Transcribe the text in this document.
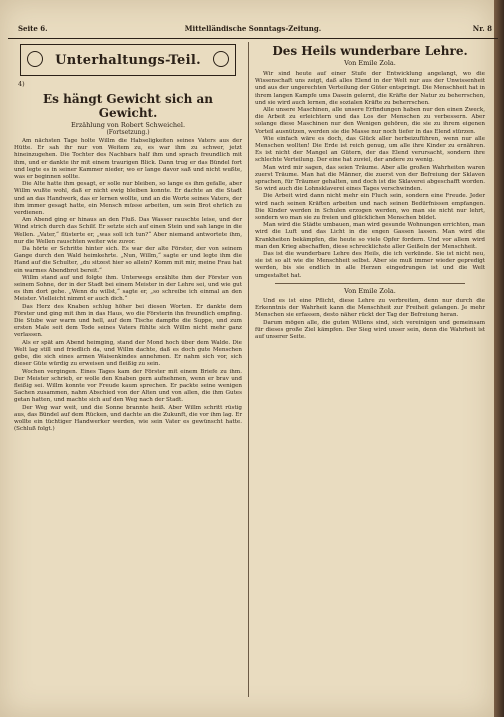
Seite 6.	Mittelländische Sonntags-Zeitung.	Nr. 8
Unterhaltungs-Teil.
4)
Es hängt Gewicht sich an Gewicht.
Erzählung von Robert Schweichel.
(Fortsetzung.)

Am nächsten Tage holte Willm die Habseligkeiten seines Vaters aus der Hütte. Er sah ihr nur von Weitem zu, es war ihm zu schwer, jetzt hineinzugehen. Die Tochter des Nachbars half ihm und sprach freundlich mit ihm, und er dankte ihr mit einem traurigen Blick. Dann trug er das Bündel fort und legte es in seiner Kammer nieder, wo er lange davor saß und nicht wußte, was er beginnen sollte.

Die Alte hatte ihm gesagt, er solle nur bleiben, so lange es ihm gefalle, aber Willm wußte wohl, daß er nicht ewig bleiben konnte. Er dachte an die Stadt und an das Handwerk, das er lernen wollte, und an die Worte seines Vaters, der ihm immer gesagt hatte, ein Mensch müsse arbeiten, um sein Brot ehrlich zu verdienen.

Am Abend ging er hinaus an den Fluß. Das Wasser rauschte leise, und der Wind strich durch das Schilf. Er setzte sich auf einen Stein und sah lange in die Wellen. „Vater,“ flüsterte er, „was soll ich tun?“ Aber niemand antwortete ihm, nur die Wellen rauschten weiter wie zuvor.

Da hörte er Schritte hinter sich. Es war der alte Förster, der von seinem Gange durch den Wald heimkehrte. „Nun, Willm,“ sagte er und legte ihm die Hand auf die Schulter, „du sitzest hier so allein? Komm mit mir, meine Frau hat ein warmes Abendbrot bereit.“

Willm stand auf und folgte ihm. Unterwegs erzählte ihm der Förster von seinem Sohne, der in der Stadt bei einem Meister in der Lehre sei, und wie gut es ihm dort gehe. „Wenn du willst,“ sagte er, „so schreibe ich einmal an den Meister. Vielleicht nimmt er auch dich.“

Das Herz des Knaben schlug höher bei diesen Worten. Er dankte dem Förster und ging mit ihm in das Haus, wo die Försterin ihn freundlich empfing. Die Stube war warm und hell, auf dem Tische dampfte die Suppe, und zum ersten Male seit dem Tode seines Vaters fühlte sich Willm nicht mehr ganz verlassen.

Als er spät am Abend heimging, stand der Mond hoch über dem Walde. Die Welt lag still und friedlich da, und Willm dachte, daß es doch gute Menschen gebe, die sich eines armen Waisenkindes annehmen. Er nahm sich vor, sich dieser Güte würdig zu erweisen und fleißig zu sein.

Wochen vergingen. Eines Tages kam der Förster mit einem Briefe zu ihm. Der Meister schrieb, er wolle den Knaben gern aufnehmen, wenn er brav und fleißig sei. Willm konnte vor Freude kaum sprechen. Er packte seine wenigen Sachen zusammen, nahm Abschied von der Alten und von allen, die ihm Gutes getan hatten, und machte sich auf den Weg nach der Stadt.

Der Weg war weit, und die Sonne brannte heiß. Aber Willm schritt rüstig aus, das Bündel auf dem Rücken, und dachte an die Zukunft, die vor ihm lag. Er wollte ein tüchtiger Handwerker werden, wie sein Vater es gewünscht hatte. (Schluß folgt.)

Des Heils wunderbare Lehre.
Von Emile Zola.

Wir sind heute auf einer Stufe der Entwicklung angelangt, wo die Wissenschaft uns zeigt, daß alles Elend in der Welt nur aus der Unwissenheit und aus der ungerechten Verteilung der Güter entspringt. Die Menschheit hat in ihrem langen Kampfe ums Dasein gelernt, die Kräfte der Natur zu beherrschen, und sie wird auch lernen, die sozialen Kräfte zu beherrschen.

Alle unsere Maschinen, alle unsere Erfindungen haben nur den einen Zweck, die Arbeit zu erleichtern und das Los der Menschen zu verbessern. Aber solange diese Maschinen nur den Wenigen gehören, die sie zu ihrem eigenen Vorteil ausnützen, werden sie die Masse nur noch tiefer in das Elend stürzen.

Wie einfach wäre es doch, das Glück aller herbeizuführen, wenn nur alle Menschen wollten! Die Erde ist reich genug, um alle ihre Kinder zu ernähren. Es ist nicht der Mangel an Gütern, der das Elend verursacht, sondern ihre schlechte Verteilung. Der eine hat zuviel, der andere zu wenig.

Man wird mir sagen, das seien Träume. Aber alle großen Wahrheiten waren zuerst Träume. Man hat die Männer, die zuerst von der Befreiung der Sklaven sprachen, für Träumer gehalten, und doch ist die Sklaverei abgeschafft worden. So wird auch die Lohnsklaverei eines Tages verschwinden.

Die Arbeit wird dann nicht mehr ein Fluch sein, sondern eine Freude. Jeder wird nach seinen Kräften arbeiten und nach seinen Bedürfnissen empfangen. Die Kinder werden in Schulen erzogen werden, wo man sie nicht nur lehrt, sondern wo man sie zu freien und glücklichen Menschen bildet.

Man wird die Städte umbauen, man wird gesunde Wohnungen errichten, man wird die Luft und das Licht in die engen Gassen lassen. Man wird die Krankheiten bekämpfen, die heute so viele Opfer fordern. Und vor allem wird man den Krieg abschaffen, diese schrecklichste aller Geißeln der Menschheit.

Das ist die wunderbare Lehre des Heils, die ich verkünde. Sie ist nicht neu, sie ist so alt wie die Menschheit selbst. Aber sie muß immer wieder gepredigt werden, bis sie endlich in alle Herzen eingedrungen ist und die Welt umgestaltet hat.

Von Emile Zola.

Und es ist eine Pflicht, diese Lehre zu verbreiten, denn nur durch die Erkenntnis der Wahrheit kann die Menschheit zur Freiheit gelangen. Je mehr Menschen sie erfassen, desto näher rückt der Tag der Befreiung heran.

Darum mögen alle, die guten Willens sind, sich vereinigen und gemeinsam für dieses große Ziel kämpfen. Der Sieg wird unser sein, denn die Wahrheit ist auf unserer Seite.
